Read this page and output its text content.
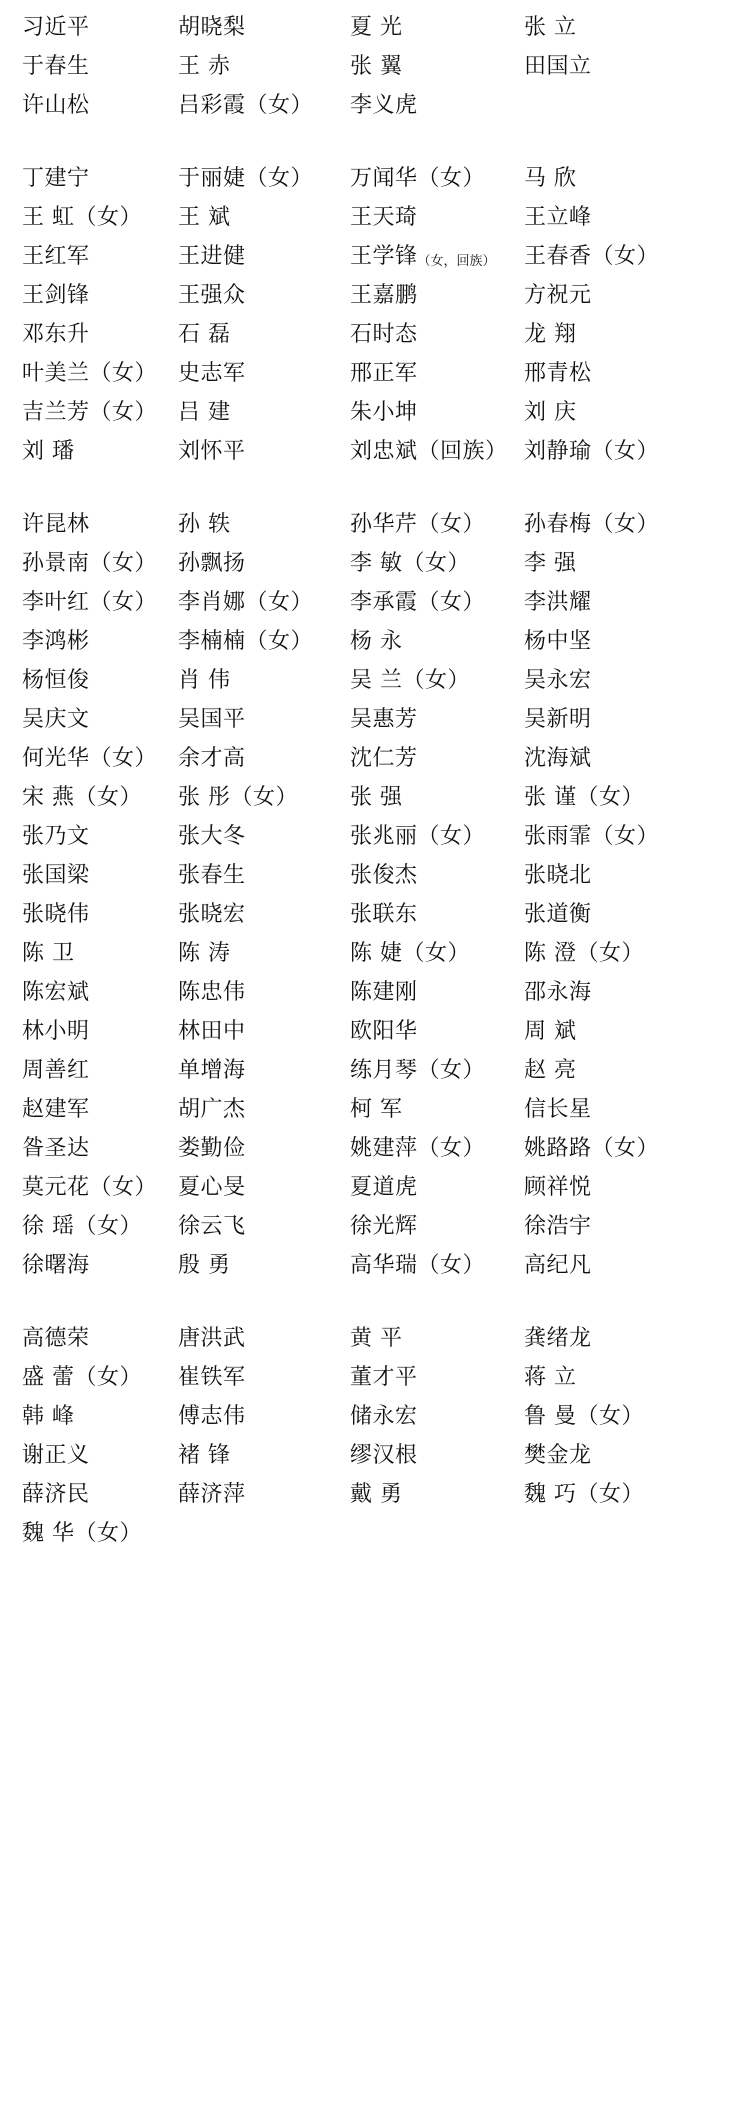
习近平	胡晓梨	夏 光	张 立
于春生	王 赤	张 翼	田国立
许山松	吕彩霞（女） 李义虎
丁建宁	于丽婕（女） 万闻华（女） 马 欣
王 虹（女） 王 斌	王天琦	王立峰
王红军	王进健	王学锋 （女，回族） 王春香（女）
王剑锋	王强众	王嘉鹏	方祝元
邓东升	石 磊	石时态	龙 翔
叶美兰（女） 史志军	邢正军	邢青松
吉兰芳（女） 吕 建	朱小坤	刘 庆
刘 璠	刘怀平	刘忠斌（回族） 刘静瑜（女）
许昆林	孙 轶	孙华芹（女） 孙春梅（女）
孙景南（女） 孙飘扬	李 敏（女） 李 强
李叶红（女） 李肖娜（女） 李承霞（女） 李洪耀
李鸿彬	李楠楠（女） 杨 永	杨中坚
杨恒俊	肖 伟	吴 兰（女） 吴永宏
吴庆文	吴国平	吴惠芳	吴新明
何光华（女） 余才高	沈仁芳	沈海斌
宋 燕（女） 张 彤（女） 张 强	张 谨（女）
张乃文	张大冬	张兆丽（女） 张雨霏（女）
张国梁	张春生	张俊杰	张晓北
张晓伟	张晓宏	张联东	张道衡
陈 卫	陈 涛	陈 婕（女） 陈 澄（女）
陈宏斌	陈忠伟	陈建刚	邵永海
林小明	林田中	欧阳华	周 斌
周善红	单增海	练月琴（女） 赵 亮
赵建军	胡广杰	柯 军	信长星
昝圣达	娄勤俭	姚建萍（女） 姚路路（女）
莫元花（女） 夏心旻	夏道虎	顾祥悦
徐 瑶（女） 徐云飞	徐光辉	徐浩宇
徐曙海	殷 勇	高华瑞（女） 高纪凡
高德荣	唐洪武	黄 平	龚绪龙
盛 蕾（女） 崔铁军	董才平	蒋 立
韩 峰	傅志伟	储永宏	鲁 曼（女）
谢正义	褚 锋	缪汉根	樊金龙
薛济民	薛济萍	戴 勇	魏 巧（女）
魏 华（女）
